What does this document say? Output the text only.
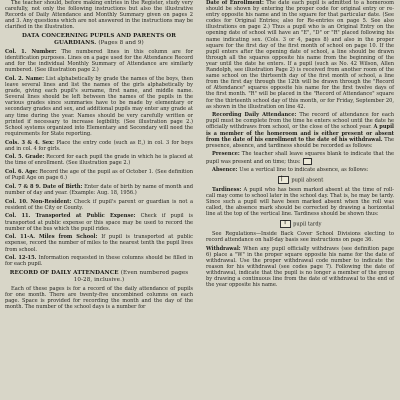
The teacher should, before making entries in the Register, study very carefully, not only the following instructions but also the illustrative Records of Daily Attendance and Monthly Summary given on pages 2 and 3. Any questions which are not answered in the instructions may be clarified in the illustration.

DATA CONCERNING PUPILS AND PARENTS OR GUARDIANS. (Pages 8 and 9)

Col. 1. Number: The numbered lines in this column are for identification purposes. Lines on a page used for the Attendance Record and for the individual Monthly Summary of Attendance are similarly numbered. (See illustration page 2.)

Col. 2. Name: List alphabetically by grade the names of the boys, then leave several lines and list the names of the girls alphabetically by grade, giving each pupil's surname, first name, and middle name. Several lines should be left between the names of the pupils in the various grades since summaries have to be made by elementary or secondary grades and sex, and additional pupils may enter any grade at any time during the year. Names should be very carefully written or printed if necessary to increase legibility. (See illustration page 2.) School systems organized into Elementary and Secondary will need the requirements for State reporting.

Cols. 3 & 4. Sex: Place the entry code (such as E,) in col. 3 for boys and in col. 4 for girls.

Col. 5. Grade: Record for each pupil the grade in which he is placed at the time of enrollment. (See illustration page 2.)

Col. 6. Age: Record the age of the pupil as of October 1. (See definition of Pupil Age on page 6.)

Col. 7 & 8 9. Date of Birth: Enter date of birth by name of month and number of day and year. (Example: Aug. 18, 1956.)

Col. 10. Non-Resident: Check if pupil's parent or guardian is not a resident of the City or County.

Col. 11. Transported at Public Expense: Check if pupil is transported at public expense or this space may be used to record the number of the bus which the pupil rides.

Col. 11-A. Miles from School: If pupil is transported at public expense, record the number of miles to the nearest tenth the pupil lives from school.

Col. 12-15. Information requested in these columns should be filled in for each pupil.

RECORD OF DAILY ATTENDANCE (Even numbered pages 10-28, inclusive.)

Each of these pages is for a record of the daily attendance of pupils for one month. There are twenty-five uncombined columns on each page. Space is provided for recording the month and the day of the month. The number of the school days is a number for

Date of Enrollment: The date each pupil is admitted to a homeroom should be shown by entering the proper code for original entry or re-entry opposite his name and in the square for that particular date. (See codes for Original Entries; also for Re-entries on page 5. See also illustrations on page 2.) Thus a pupil who is an Original Entry on the opening date of school will have an "E", "D" or "R" placed following his name indicating sex. (Cols. 3 or 4, pages 8) and also in the proper square for the first day of the first month of school on page 10. If the pupil enters after the opening date of school, a line should be drawn through all the squares opposite his name from the beginning of the year until the date he enters. If a pupil (such as No. 42 Wilson, Allen Randolph, see illustration Page 2) is received from another room of the same school on the thirteenth day of the first month of school, a line from the first day through the 12th will be drawn through the "Record of Attendance" squares opposite his name for the first twelve days of the first month. "R" will be placed in the "Record of Attendance" square for the thirteenth school day of this month, or for Friday, September 20, as shown in the illustration on line 42.

Recording Daily Attendance: The record of attendance for each pupil must be complete from the time he enters school until the date he officially withdraws from school, or the close of the school year. A pupil is a member of the homeroom and is either present or absent from the date of his enrollment to the date of his withdrawal. The presence, absence, and tardiness should be recorded as follows:

Presence: The teacher shall leave squares blank to indicate that the pupil was present and on time; thus:

Absence: Use a vertical line to indicate absence, as follows:

| pupil absent

Tardiness: A pupil who has been marked absent at the time of roll-call may come to school later in the school day. That is, he may be tardy. Since such a pupil will have been marked absent when the roll was called, the absence mark should be corrected by drawing a horizontal line at the top of the vertical line. Tardiness should be shown thus:

⊤ pupil tardy

See Regulations—Inside Back Cover School Divisions electing to record attendance on half-day basis see instructions on page 36.

Withdrawal: When any pupil officially withdraws (see definition page 6) place a "W" in the proper square opposite his name for the date of withdrawal. Use the proper withdrawal code number to indicate the reason for his withdrawal (see codes page 7). Following the date of withdrawal, indicate that the pupil is no longer a member of the group by drawing a continuous line from the date of withdrawal to the end of the year opposite his name.
